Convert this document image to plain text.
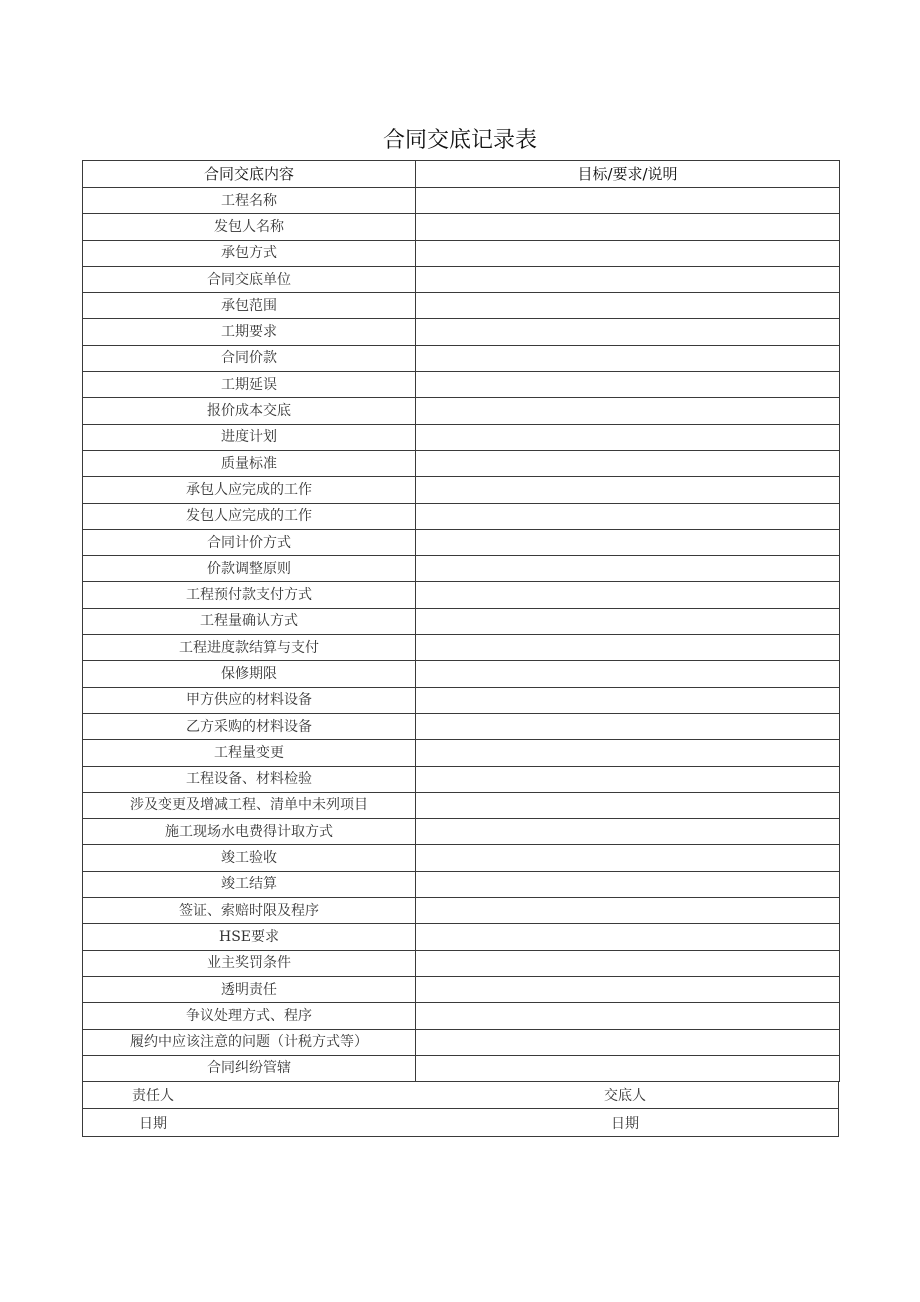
合同交底记录表
合同交底内容	目标/要求/说明
工程名称	
发包人名称	
承包方式	
合同交底单位	
承包范围	
工期要求	
合同价款	
工期延误	
报价成本交底	
进度计划	
质量标准	
承包人应完成的工作	
发包人应完成的工作	
合同计价方式	
价款调整原则	
工程预付款支付方式	
工程量确认方式	
工程进度款结算与支付	
保修期限	
甲方供应的材料设备	
乙方采购的材料设备	
工程量变更	
工程设备、材料检验	
涉及变更及增减工程、清单中未列项目	
施工现场水电费得计取方式	
竣工验收	
竣工结算	
签证、索赔时限及程序	
HSE要求	
业主奖罚条件	
透明责任	
争议处理方式、程序	
履约中应该注意的问题（计税方式等）	
合同纠纷管辖	
责任人	交底人
日期	日期
